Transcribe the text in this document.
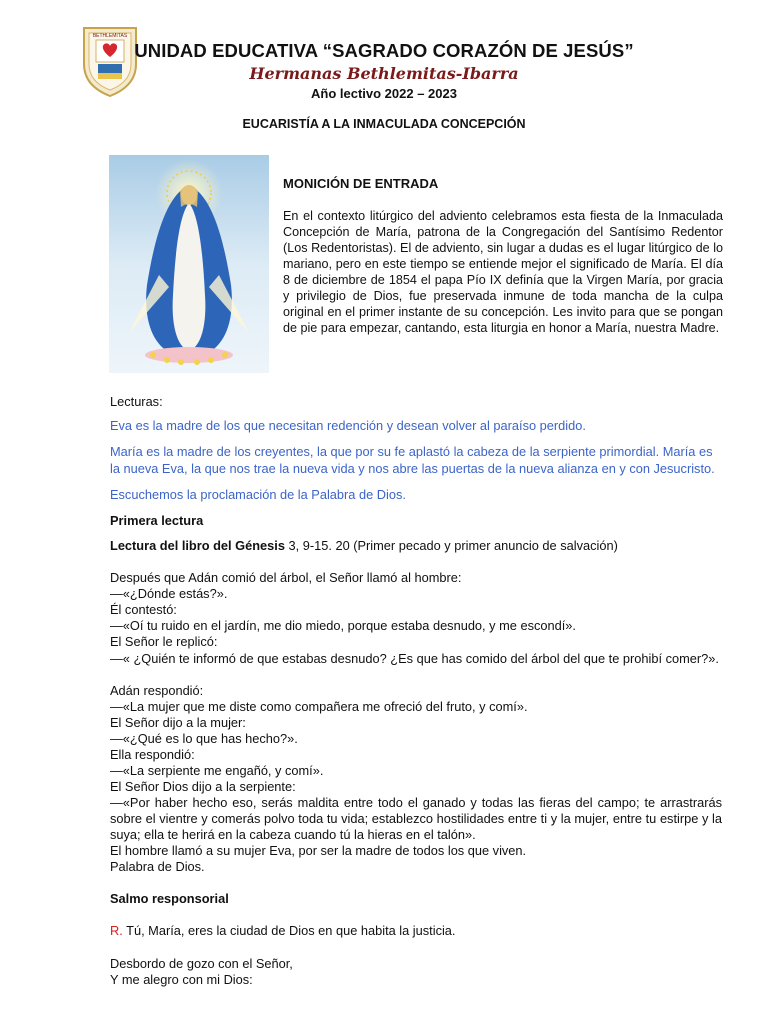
BETHLEMITAS
UNIDAD EDUCATIVA “SAGRADO CORAZÓN DE JESÚS”
Hermanas Bethlemitas-Ibarra
Año lectivo 2022 – 2023
EUCARISTÍA A LA INMACULADA CONCEPCIÓN
MONICIÓN DE ENTRADA
En el contexto litúrgico del adviento celebramos esta fiesta de la Inmaculada Concepción de María, patrona de la Congregación del Santísimo Redentor (Los Redentoristas). El de adviento, sin lugar a dudas es el lugar litúrgico de lo mariano, pero en este tiempo se entiende mejor el significado de María. El día 8 de diciembre de 1854 el papa Pío IX definía que la Virgen María, por gracia y privilegio de Dios, fue preservada inmune de toda mancha de la culpa original en el primer instante de su concepción. Les invito para que se pongan de pie para empezar, cantando, esta liturgia en honor a María, nuestra Madre.
Lecturas:
Eva es la madre de los que necesitan redención y desean volver al paraíso perdido.
María es la madre de los creyentes, la que por su fe aplastó la cabeza de la serpiente primordial. María es la nueva Eva, la que nos trae la nueva vida y nos abre las puertas de la nueva alianza en y con Jesucristo.
Escuchemos la proclamación de la Palabra de Dios.
Primera lectura
Lectura del libro del Génesis 3, 9-15. 20 (Primer pecado y primer anuncio de salvación)
Después que Adán comió del árbol, el Señor llamó al hombre:
—«¿Dónde estás?».
Él contestó:
—«Oí tu ruido en el jardín, me dio miedo, porque estaba desnudo, y me escondí».
El Señor le replicó:
—« ¿Quién te informó de que estabas desnudo? ¿Es que has comido del árbol del que te prohibí comer?».
Adán respondió:
—«La mujer que me diste como compañera me ofreció del fruto, y comí».
El Señor dijo a la mujer:
—«¿Qué es lo que has hecho?».
Ella respondió:
—«La serpiente me engañó, y comí».
El Señor Dios dijo a la serpiente:
—«Por haber hecho eso, serás maldita entre todo el ganado y todas las fieras del campo; te arrastrarás sobre el vientre y comerás polvo toda tu vida; establezco hostilidades entre ti y la mujer, entre tu estirpe y la suya; ella te herirá en la cabeza cuando tú la hieras en el talón».
El hombre llamó a su mujer Eva, por ser la madre de todos los que viven.
Palabra de Dios.
Salmo responsorial
R. Tú, María, eres la ciudad de Dios en que habita la justicia.
Desbordo de gozo con el Señor,
Y me alegro con mi Dios:
